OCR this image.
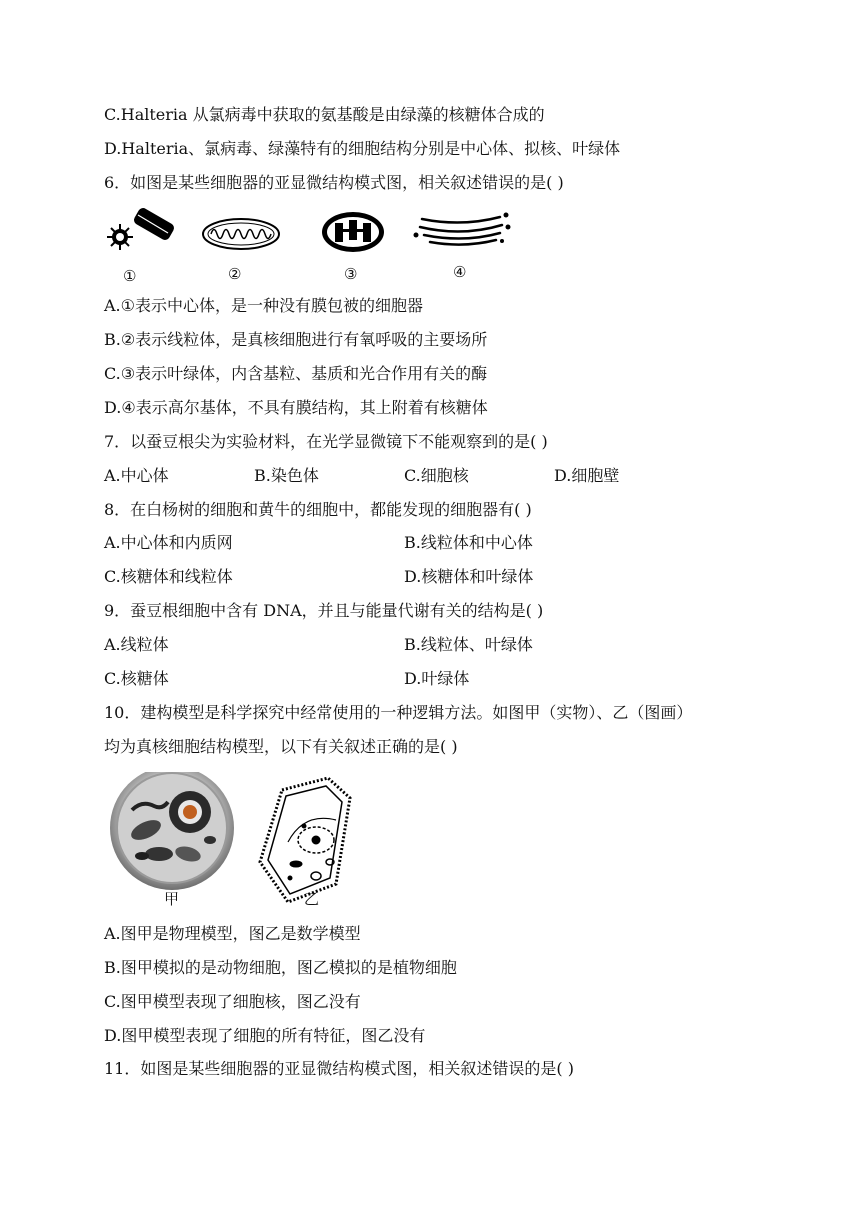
C.Halteria 从氯病毒中获取的氨基酸是由绿藻的核糖体合成的
D.Halteria、氯病毒、绿藻特有的细胞结构分别是中心体、拟核、叶绿体
6．如图是某些细胞器的亚显微结构模式图，相关叙述错误的是( )
①	②	③	④
A.①表示中心体，是一种没有膜包被的细胞器
B.②表示线粒体，是真核细胞进行有氧呼吸的主要场所
C.③表示叶绿体，内含基粒、基质和光合作用有关的酶
D.④表示高尔基体，不具有膜结构，其上附着有核糖体
7．以蚕豆根尖为实验材料，在光学显微镜下不能观察到的是( )
A.中心体	B.染色体	C.细胞核	D.细胞壁
8．在白杨树的细胞和黄牛的细胞中，都能发现的细胞器有( )
A.中心体和内质网	B.线粒体和中心体
C.核糖体和线粒体	D.核糖体和叶绿体
9．蚕豆根细胞中含有 DNA，并且与能量代谢有关的结构是( )
A.线粒体	B.线粒体、叶绿体
C.核糖体	D.叶绿体
10．建构模型是科学探究中经常使用的一种逻辑方法。如图甲（实物）、乙（图画）
均为真核细胞结构模型，以下有关叙述正确的是( )
甲	乙
A.图甲是物理模型，图乙是数学模型
B.图甲模拟的是动物细胞，图乙模拟的是植物细胞
C.图甲模型表现了细胞核，图乙没有
D.图甲模型表现了细胞的所有特征，图乙没有
11．如图是某些细胞器的亚显微结构模式图，相关叙述错误的是( )
